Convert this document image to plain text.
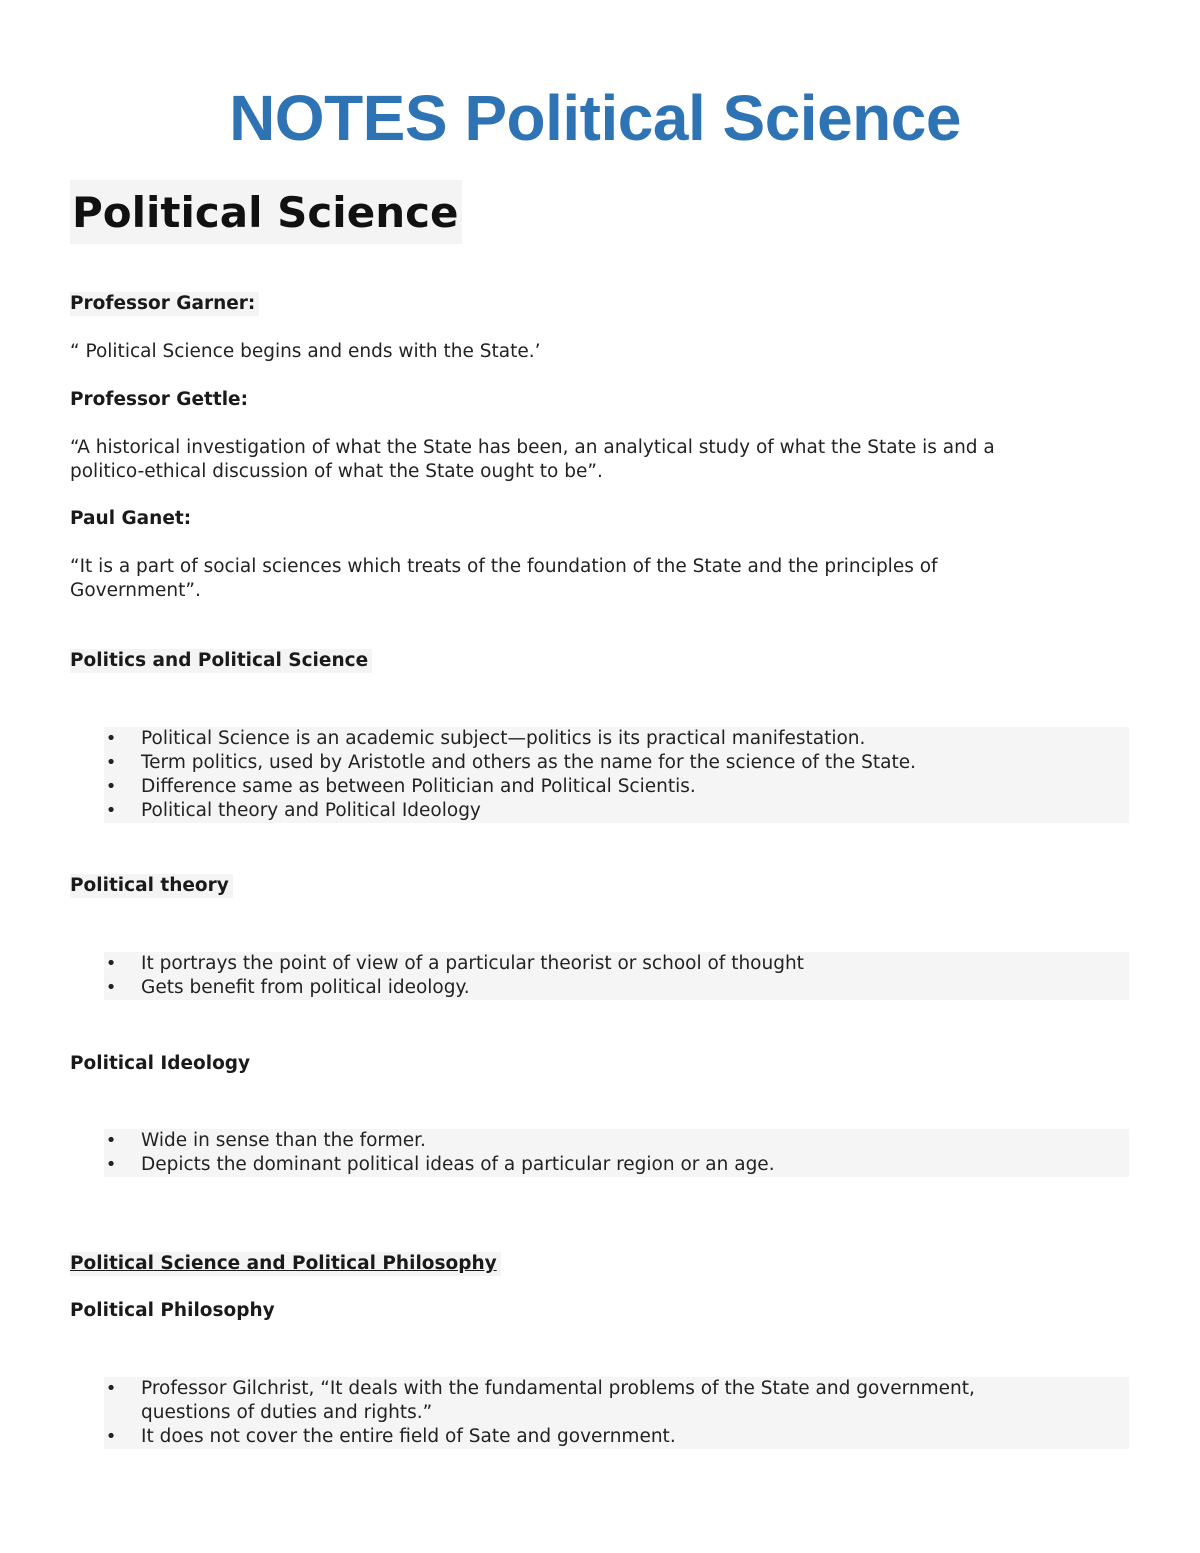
NOTES Political Science
Political Science

Professor Garner:

“ Political Science begins and ends with the State.’

Professor Gettle:

“A historical investigation of what the State has been, an analytical study of what the State is and a politico-ethical discussion of what the State ought to be”.

Paul Ganet:

“It is a part of social sciences which treats of the foundation of the State and the principles of Government”.

Politics and Political Science

• Political Science is an academic subject—politics is its practical manifestation.
• Term politics, used by Aristotle and others as the name for the science of the State.
• Difference same as between Politician and Political Scientis.
• Political theory and Political Ideology

Political theory

• It portrays the point of view of a particular theorist or school of thought
• Gets benefit from political ideology.

Political Ideology

• Wide in sense than the former.
• Depicts the dominant political ideas of a particular region or an age.

Political Science and Political Philosophy

Political Philosophy

• Professor Gilchrist, “It deals with the fundamental problems of the State and government, questions of duties and rights.”
• It does not cover the entire field of Sate and government.
